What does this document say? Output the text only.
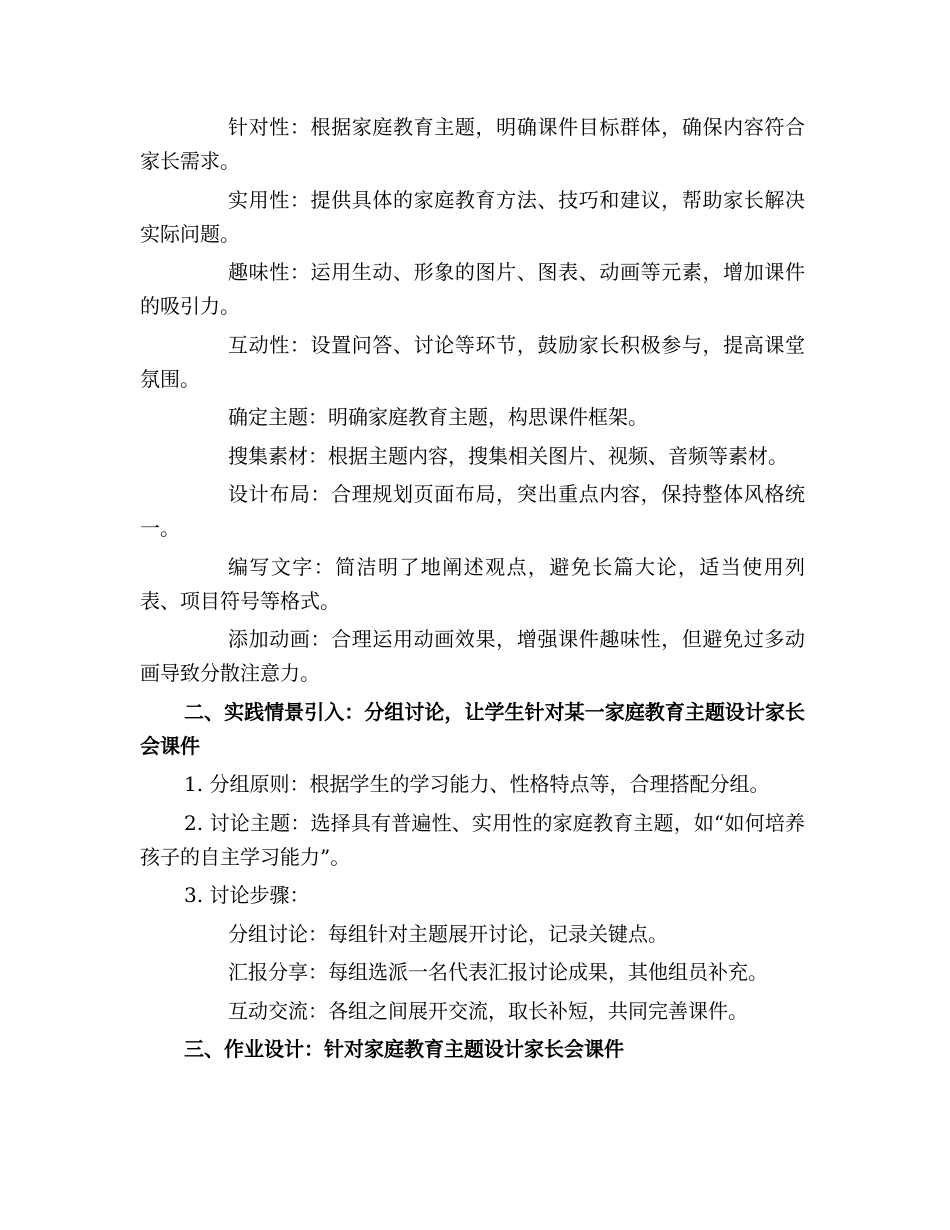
针对性：根据家庭教育主题，明确课件目标群体，确保内容符合家长需求。

实用性：提供具体的家庭教育方法、技巧和建议，帮助家长解决实际问题。

趣味性：运用生动、形象的图片、图表、动画等元素，增加课件的吸引力。

互动性：设置问答、讨论等环节，鼓励家长积极参与，提高课堂氛围。

确定主题：明确家庭教育主题，构思课件框架。

搜集素材：根据主题内容，搜集相关图片、视频、音频等素材。

设计布局：合理规划页面布局，突出重点内容，保持整体风格统一。

编写文字：简洁明了地阐述观点，避免长篇大论，适当使用列表、项目符号等格式。

添加动画：合理运用动画效果，增强课件趣味性，但避免过多动画导致分散注意力。

二、实践情景引入：分组讨论，让学生针对某一家庭教育主题设计家长会课件

1. 分组原则：根据学生的学习能力、性格特点等，合理搭配分组。

2. 讨论主题：选择具有普遍性、实用性的家庭教育主题，如“如何培养孩子的自主学习能力”。

3. 讨论步骤：

分组讨论：每组针对主题展开讨论，记录关键点。

汇报分享：每组选派一名代表汇报讨论成果，其他组员补充。

互动交流：各组之间展开交流，取长补短，共同完善课件。

三、作业设计：针对家庭教育主题设计家长会课件
